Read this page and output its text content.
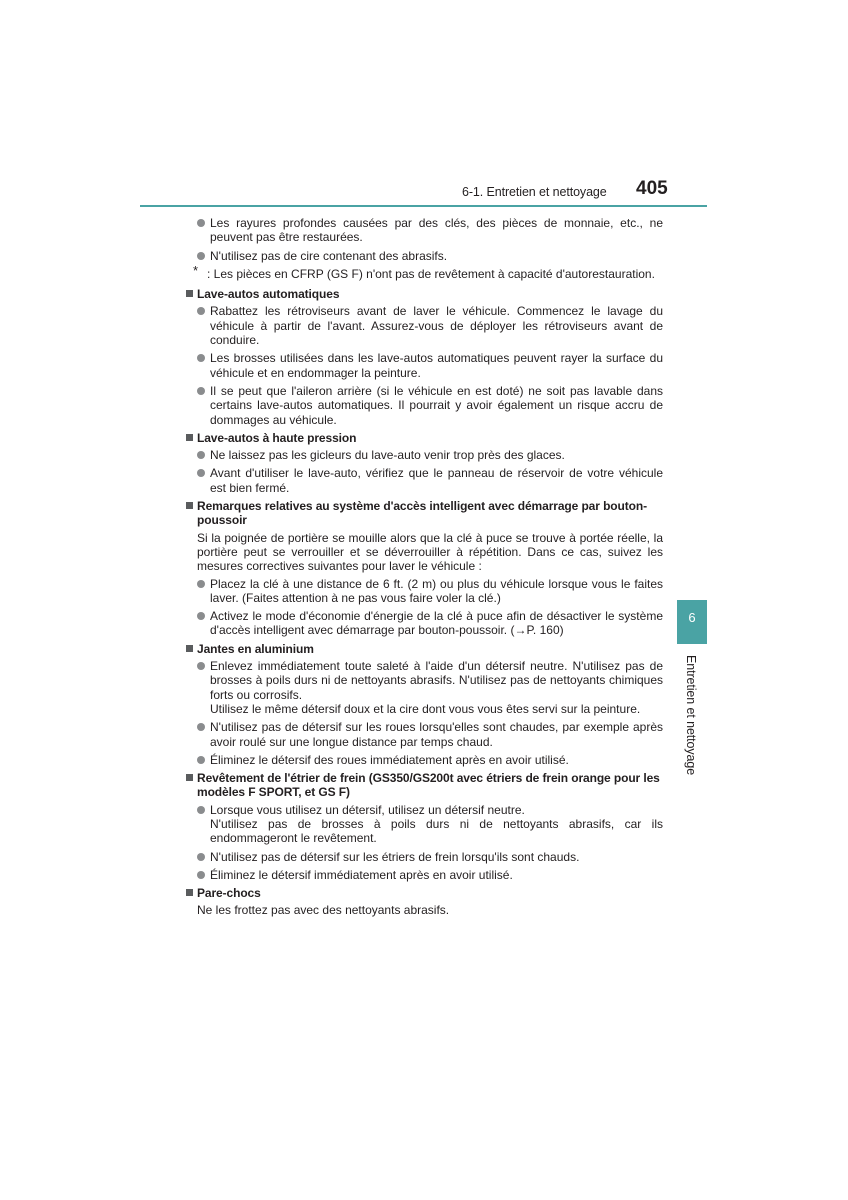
6-1. Entretien et nettoyage 405
Les rayures profondes causées par des clés, des pièces de monnaie, etc., ne peuvent pas être restaurées.
N'utilisez pas de cire contenant des abrasifs.
* : Les pièces en CFRP (GS F) n'ont pas de revêtement à capacité d'autorestauration.
Lave-autos automatiques
Rabattez les rétroviseurs avant de laver le véhicule. Commencez le lavage du véhicule à partir de l'avant. Assurez-vous de déployer les rétroviseurs avant de conduire.
Les brosses utilisées dans les lave-autos automatiques peuvent rayer la surface du véhicule et en endommager la peinture.
Il se peut que l'aileron arrière (si le véhicule en est doté) ne soit pas lavable dans certains lave-autos automatiques. Il pourrait y avoir également un risque accru de dommages au véhicule.
Lave-autos à haute pression
Ne laissez pas les gicleurs du lave-auto venir trop près des glaces.
Avant d'utiliser le lave-auto, vérifiez que le panneau de réservoir de votre véhicule est bien fermé.
Remarques relatives au système d'accès intelligent avec démarrage par bouton-poussoir
Si la poignée de portière se mouille alors que la clé à puce se trouve à portée réelle, la portière peut se verrouiller et se déverrouiller à répétition. Dans ce cas, suivez les mesures correctives suivantes pour laver le véhicule :
Placez la clé à une distance de 6 ft. (2 m) ou plus du véhicule lorsque vous le faites laver. (Faites attention à ne pas vous faire voler la clé.)
Activez le mode d'économie d'énergie de la clé à puce afin de désactiver le système d'accès intelligent avec démarrage par bouton-poussoir. (→P. 160)
Jantes en aluminium
Enlevez immédiatement toute saleté à l'aide d'un détersif neutre. N'utilisez pas de brosses à poils durs ni de nettoyants abrasifs. N'utilisez pas de nettoyants chimiques forts ou corrosifs.
Utilisez le même détersif doux et la cire dont vous vous êtes servi sur la peinture.
N'utilisez pas de détersif sur les roues lorsqu'elles sont chaudes, par exemple après avoir roulé sur une longue distance par temps chaud.
Éliminez le détersif des roues immédiatement après en avoir utilisé.
Revêtement de l'étrier de frein (GS350/GS200t avec étriers de frein orange pour les modèles F SPORT, et GS F)
Lorsque vous utilisez un détersif, utilisez un détersif neutre.
N'utilisez pas de brosses à poils durs ni de nettoyants abrasifs, car ils endommageront le revêtement.
N'utilisez pas de détersif sur les étriers de frein lorsqu'ils sont chauds.
Éliminez le détersif immédiatement après en avoir utilisé.
Pare-chocs
Ne les frottez pas avec des nettoyants abrasifs.
6
Entretien et nettoyage
